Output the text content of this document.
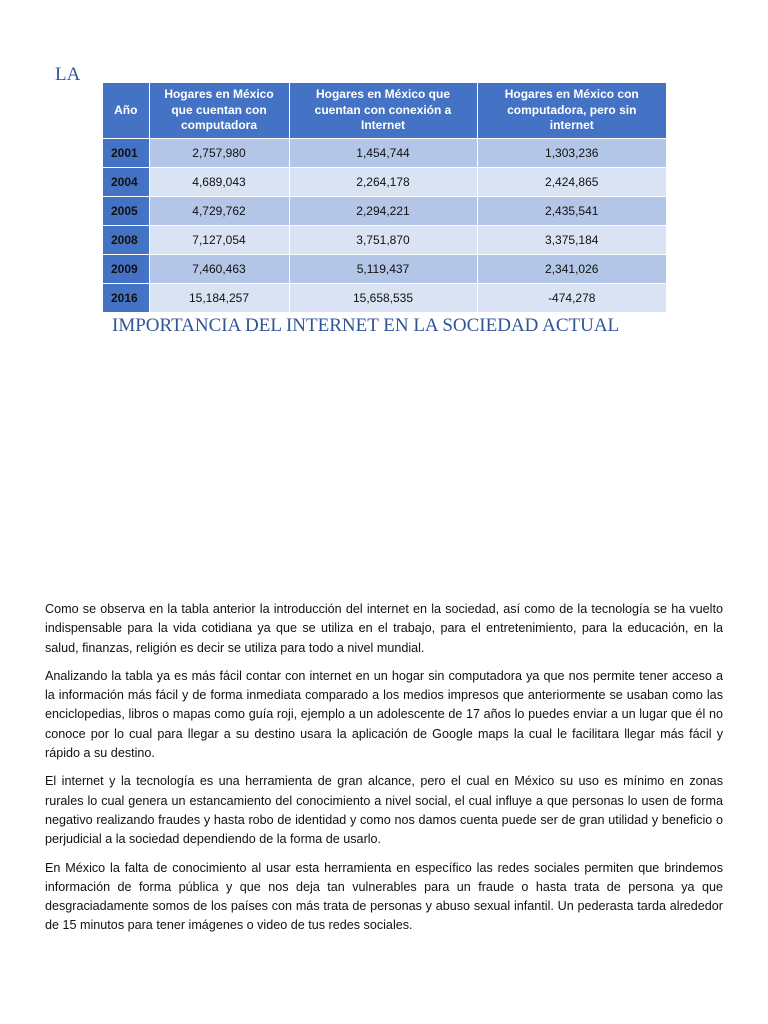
LA
Año	Hogares en México que cuentan con computadora	Hogares en México que cuentan con conexión a Internet	Hogares en México con computadora, pero sin internet
2001	2,757,980	1,454,744	1,303,236
2004	4,689,043	2,264,178	2,424,865
2005	4,729,762	2,294,221	2,435,541
2008	7,127,054	3,751,870	3,375,184
2009	7,460,463	5,119,437	2,341,026
2016	15,184,257	15,658,535	-474,278
IMPORTANCIA DEL INTERNET EN LA SOCIEDAD ACTUAL

Como se observa en la tabla anterior la introducción del internet en la sociedad, así como de la tecnología se ha vuelto indispensable para la vida cotidiana ya que se utiliza en el trabajo, para el entretenimiento, para la educación, en la salud, finanzas, religión es decir se utiliza para todo a nivel mundial.

Analizando la tabla ya es más fácil contar con internet en un hogar sin computadora ya que nos permite tener acceso a la información más fácil y de forma inmediata comparado a los medios impresos que anteriormente se usaban como las enciclopedias, libros o mapas como guía roji, ejemplo a un adolescente de 17 años lo puedes enviar a un lugar que él no conoce por lo cual para llegar a su destino usara la aplicación de Google maps la cual le facilitara llegar más fácil y rápido a su destino.

El internet y la tecnología es una herramienta de gran alcance, pero el cual en México su uso es mínimo en zonas rurales lo cual genera un estancamiento del conocimiento a nivel social, el cual influye a que personas lo usen de forma negativo realizando fraudes y hasta robo de identidad y como nos damos cuenta puede ser de gran utilidad y beneficio o perjudicial a la sociedad dependiendo de la forma de usarlo.

En México la falta de conocimiento al usar esta herramienta en específico las redes sociales permiten que brindemos información de forma pública y que nos deja tan vulnerables para un fraude o hasta trata de persona ya que desgraciadamente somos de los países con más trata de personas y abuso sexual infantil. Un pederasta tarda alrededor de 15 minutos para tener imágenes o video de tus redes sociales.
